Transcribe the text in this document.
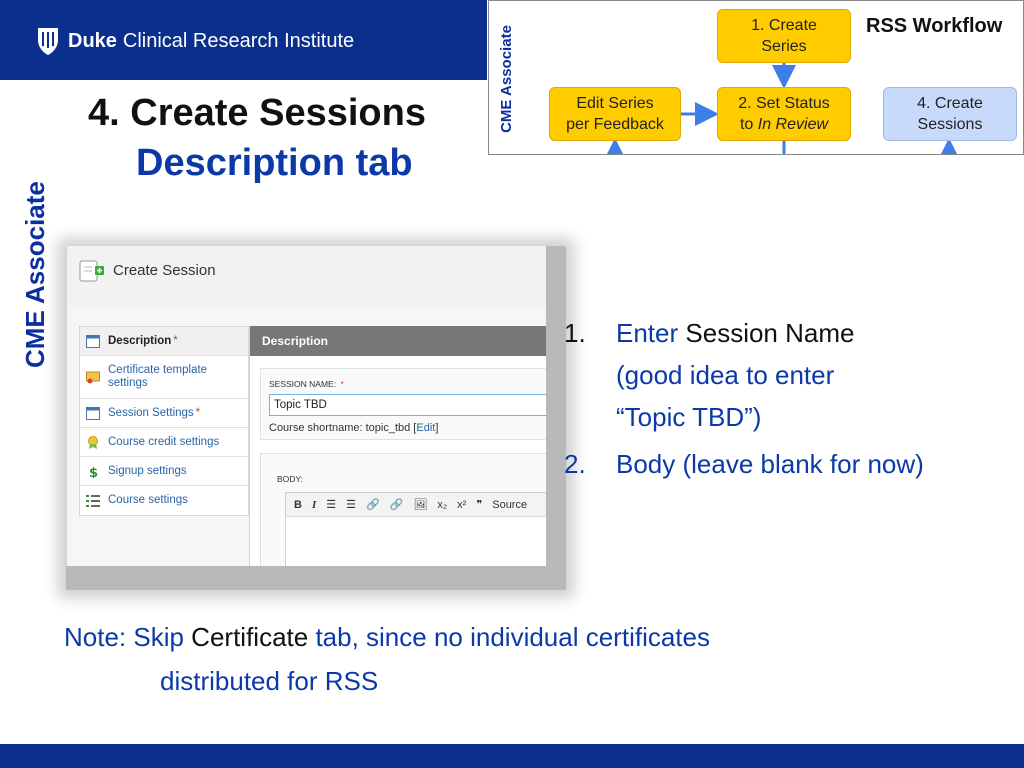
Duke Clinical Research Institute
CME Associate
4. Create Sessions
Description tab
CME Associate	RSS Workflow
1. Create
Series
2. Set Status
to In Review
Edit Series
per Feedback
4. Create
Sessions
Create Session
Description *
Certificate template settings
Session Settings *
Course credit settings
$ Signup settings
Course settings
Description
SESSION NAME: *
Topic TBD
Course shortname: topic_tbd [Edit]
BODY:
B I ☰ ☰ 🔗 🔗 🖼 x₂ x² ❞ Source
1. Enter Session Name
(good idea to enter
“Topic TBD”)
2. Body (leave blank for now)
Note: Skip Certificate tab, since no individual certificates
distributed for RSS
